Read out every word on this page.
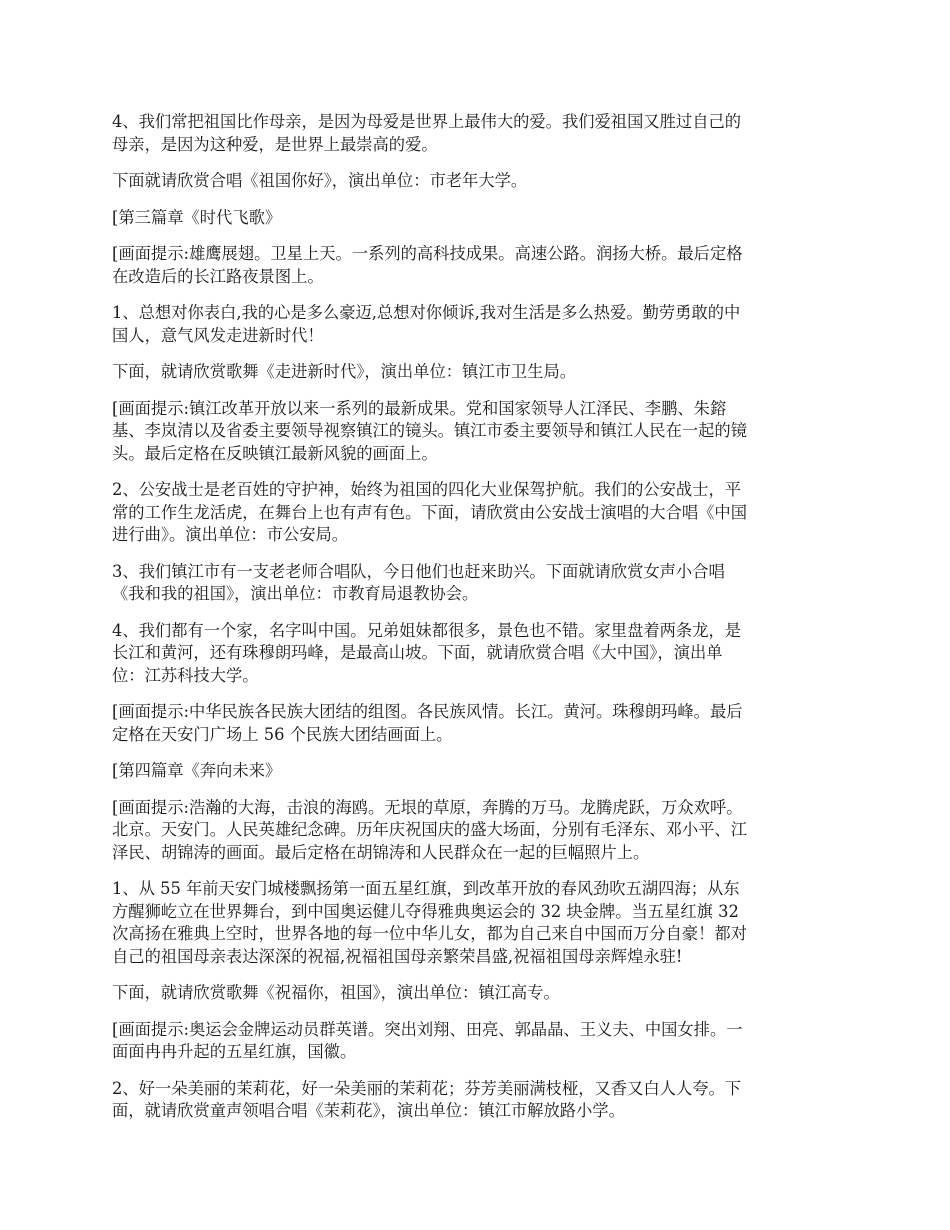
4、我们常把祖国比作母亲，是因为母爱是世界上最伟大的爱。我们爱祖国又胜过自己的
母亲，是因为这种爱，是世界上最崇高的爱。

下面就请欣赏合唱《祖国你好》，演出单位：市老年大学。

[第三篇章《时代飞歌》

[画面提示:雄鹰展翅。卫星上天。一系列的高科技成果。高速公路。润扬大桥。最后定格
在改造后的长江路夜景图上。

1、总想对你表白,我的心是多么豪迈,总想对你倾诉,我对生活是多么热爱。勤劳勇敢的中
国人，意气风发走进新时代！

下面，就请欣赏歌舞《走进新时代》，演出单位：镇江市卫生局。

[画面提示:镇江改革开放以来一系列的最新成果。党和国家领导人江泽民、李鹏、朱鎔
基、李岚清以及省委主要领导视察镇江的镜头。镇江市委主要领导和镇江人民在一起的镜
头。最后定格在反映镇江最新风貌的画面上。

2、公安战士是老百姓的守护神，始终为祖国的四化大业保驾护航。我们的公安战士，平
常的工作生龙活虎，在舞台上也有声有色。下面，请欣赏由公安战士演唱的大合唱《中国
进行曲》。演出单位：市公安局。

3、我们镇江市有一支老老师合唱队，今日他们也赶来助兴。下面就请欣赏女声小合唱
《我和我的祖国》，演出单位：市教育局退教协会。

4、我们都有一个家，名字叫中国。兄弟姐妹都很多，景色也不错。家里盘着两条龙，是
长江和黄河，还有珠穆朗玛峰，是最高山坡。下面，就请欣赏合唱《大中国》，演出单
位：江苏科技大学。

[画面提示:中华民族各民族大团结的组图。各民族风情。长江。黄河。珠穆朗玛峰。最后
定格在天安门广场上 56 个民族大团结画面上。

[第四篇章《奔向未来》

[画面提示:浩瀚的大海，击浪的海鸥。无垠的草原，奔腾的万马。龙腾虎跃，万众欢呼。
北京。天安门。人民英雄纪念碑。历年庆祝国庆的盛大场面，分别有毛泽东、邓小平、江
泽民、胡锦涛的画面。最后定格在胡锦涛和人民群众在一起的巨幅照片上。

1、从 55 年前天安门城楼飘扬第一面五星红旗，到改革开放的春风劲吹五湖四海；从东
方醒狮屹立在世界舞台，到中国奥运健儿夺得雅典奥运会的 32 块金牌。当五星红旗 32
次高扬在雅典上空时，世界各地的每一位中华儿女，都为自己来自中国而万分自豪！都对
自己的祖国母亲表达深深的祝福,祝福祖国母亲繁荣昌盛,祝福祖国母亲辉煌永驻!

下面，就请欣赏歌舞《祝福你，祖国》，演出单位：镇江高专。

[画面提示:奥运会金牌运动员群英谱。突出刘翔、田亮、郭晶晶、王义夫、中国女排。一
面面冉冉升起的五星红旗，国徽。

2、好一朵美丽的茉莉花，好一朵美丽的茉莉花；芬芳美丽满枝桠，又香又白人人夸。下
面，就请欣赏童声领唱合唱《茉莉花》，演出单位：镇江市解放路小学。
